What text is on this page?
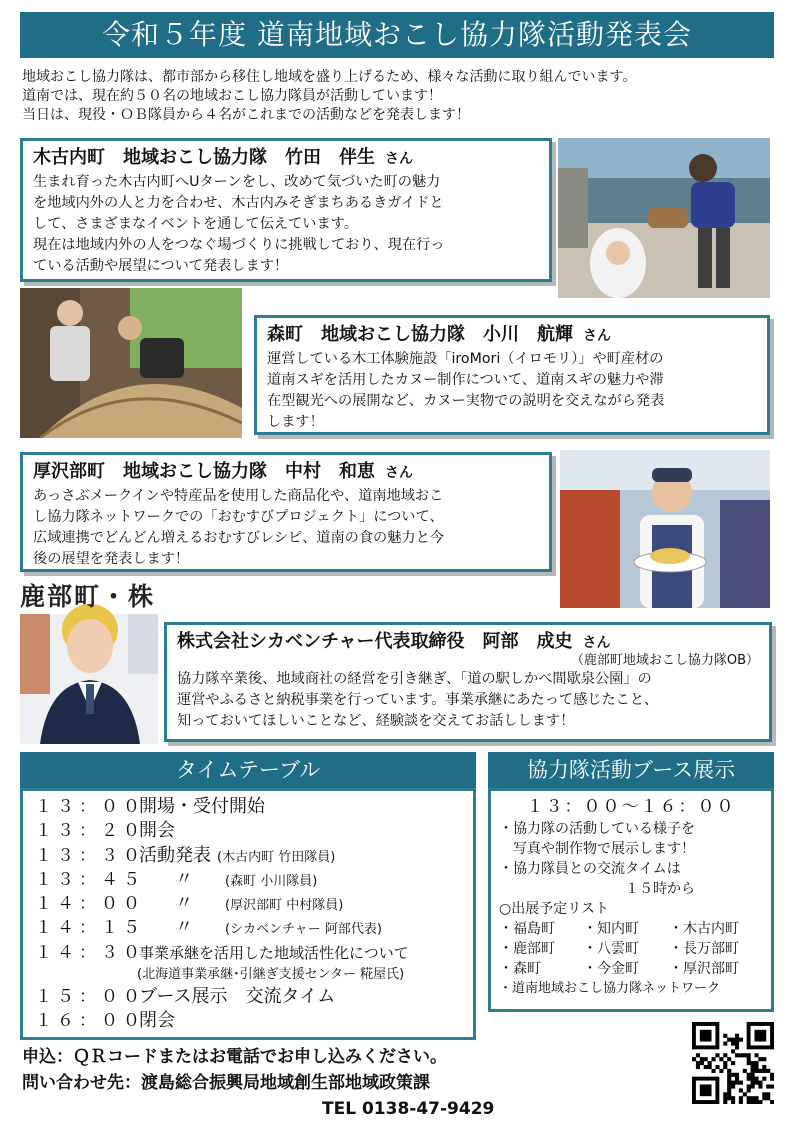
令和５年度 道南地域おこし協力隊活動発表会
地域おこし協力隊は、都市部から移住し地域を盛り上げるため、様々な活動に取り組んでいます。
道南では、現在約５０名の地域おこし協力隊員が活動しています！
当日は、現役・ＯＢ隊員から４名がこれまでの活動などを発表します！
木古内町　地域おこし協力隊　竹田　伴生 さん
生まれ育った木古内町へUターンをし、改めて気づいた町の魅力
を地域内外の人と力を合わせ、木古内みそぎまちあるきガイドと
して、さまざまなイベントを通して伝えています。
現在は地域内外の人をつなぐ場づくりに挑戦しており、現在行っ
ている活動や展望について発表します！
森町　地域おこし協力隊　小川　航輝 さん
運営している木工体験施設「iroMori（イロモリ）」や町産材の
道南スギを活用したカヌー制作について、道南スギの魅力や滞
在型観光への展開など、カヌー実物での説明を交えながら発表
します！
厚沢部町　地域おこし協力隊　中村　和恵 さん
あっさぶメークインや特産品を使用した商品化や、道南地域おこ
し協力隊ネットワークでの「おむすびプロジェクト」について、
広域連携でどんどん増えるおむすびレシピ、道南の食の魅力と今
後の展望を発表します！
鹿部町・株
株式会社シカベンチャー代表取締役　阿部　成史 さん
（鹿部町地域おこし協力隊OB）
協力隊卒業後、地域商社の経営を引き継ぎ、「道の駅しかべ間歇泉公園」の
運営やふるさと納税事業を行っています。事業承継にあたって感じたこと、
知っておいてほしいことなど、経験談を交えてお話しします！
タイムテーブル
１３：００
開場・受付開始
１３：２０
開会
１３：３０
活動発表 (木古内町 竹田隊員)
１３：４５
　　〃　　(森町 小川隊員)
１４：００
　　〃　　(厚沢部町 中村隊員)
１４：１５
　　〃　　(シカベンチャー 阿部代表)
１４：３０
事業承継を活用した地域活性化について
(北海道事業承継･引継ぎ支援センター 糀屋氏)
１５：００
ブース展示　交流タイム
１６：００
閉会
協力隊活動ブース展示
１３：００～１６：００
・協力隊の活動している様子を
　写真や制作物で展示します！
・協力隊員との交流タイムは
　　　　　　　　　１５時から
○出展予定リスト
・福島町	・知内町	・木古内町
・鹿部町	・八雲町	・長万部町
・森町	・今金町	・厚沢部町
・道南地域おこし協力隊ネットワーク
申込：ＱＲコードまたはお電話でお申し込みください。
問い合わせ先：渡島総合振興局地域創生部地域政策課
TEL 0138-47-9429
